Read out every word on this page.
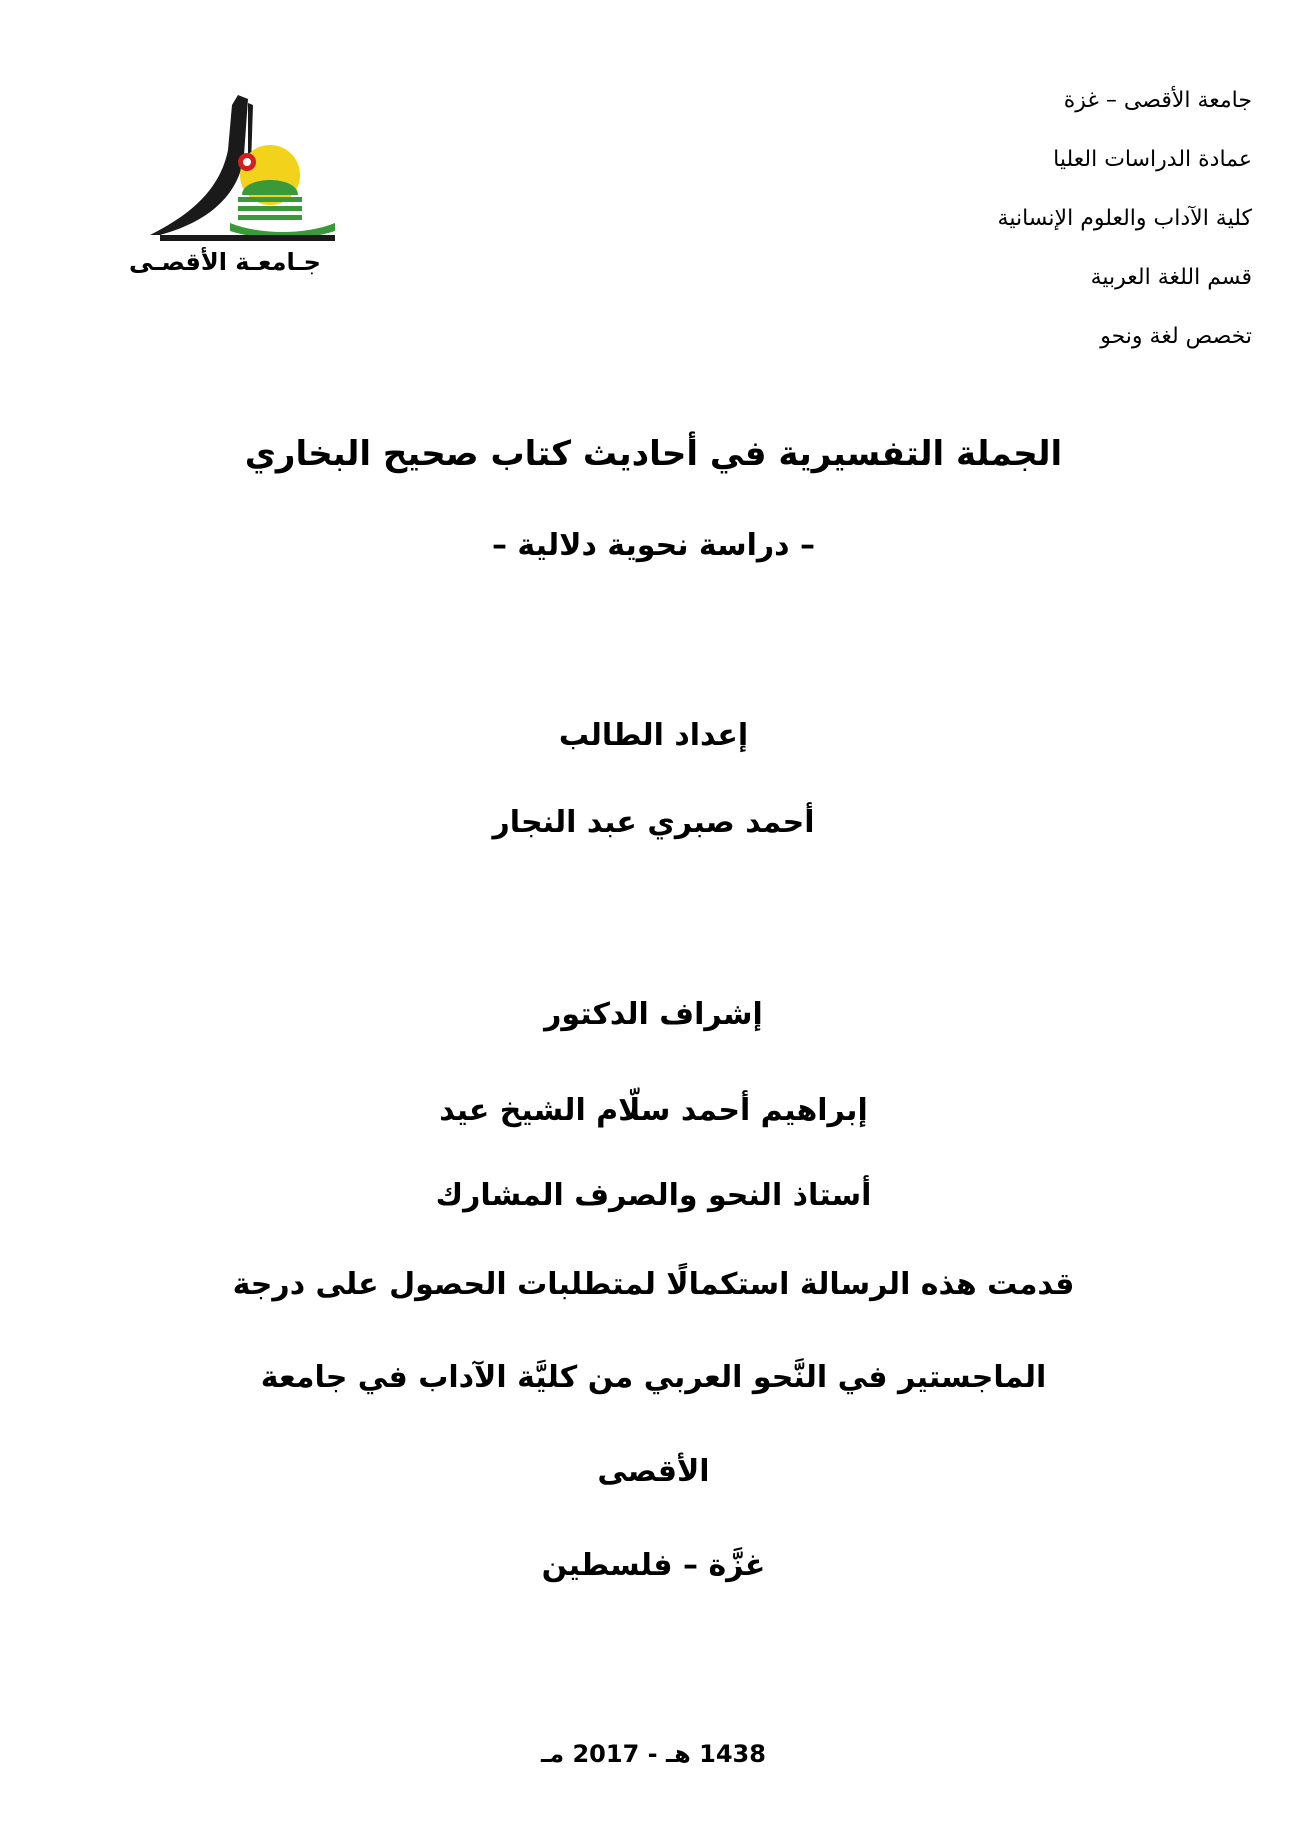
جامعة الأقصى – غزة
عمادة الدراسات العليا
كلية الآداب والعلوم الإنسانية
قسم اللغة العربية
تخصص لغة ونحو
جـامعـة الأقصـى
الجملة التفسيرية في أحاديث كتاب صحيح البخاري
– دراسة نحوية دلالية –
إعداد الطالب
أحمد صبري عبد النجار
إشراف الدكتور
إبراهيم أحمد سلّام الشيخ عيد
أستاذ النحو والصرف المشارك
قدمت هذه الرسالة استكمالًا لمتطلبات الحصول على درجة
الماجستير في النَّحو العربي من كليَّة الآداب في جامعة
الأقصى
غزَّة – فلسطين
1438 هـ - 2017 مـ
